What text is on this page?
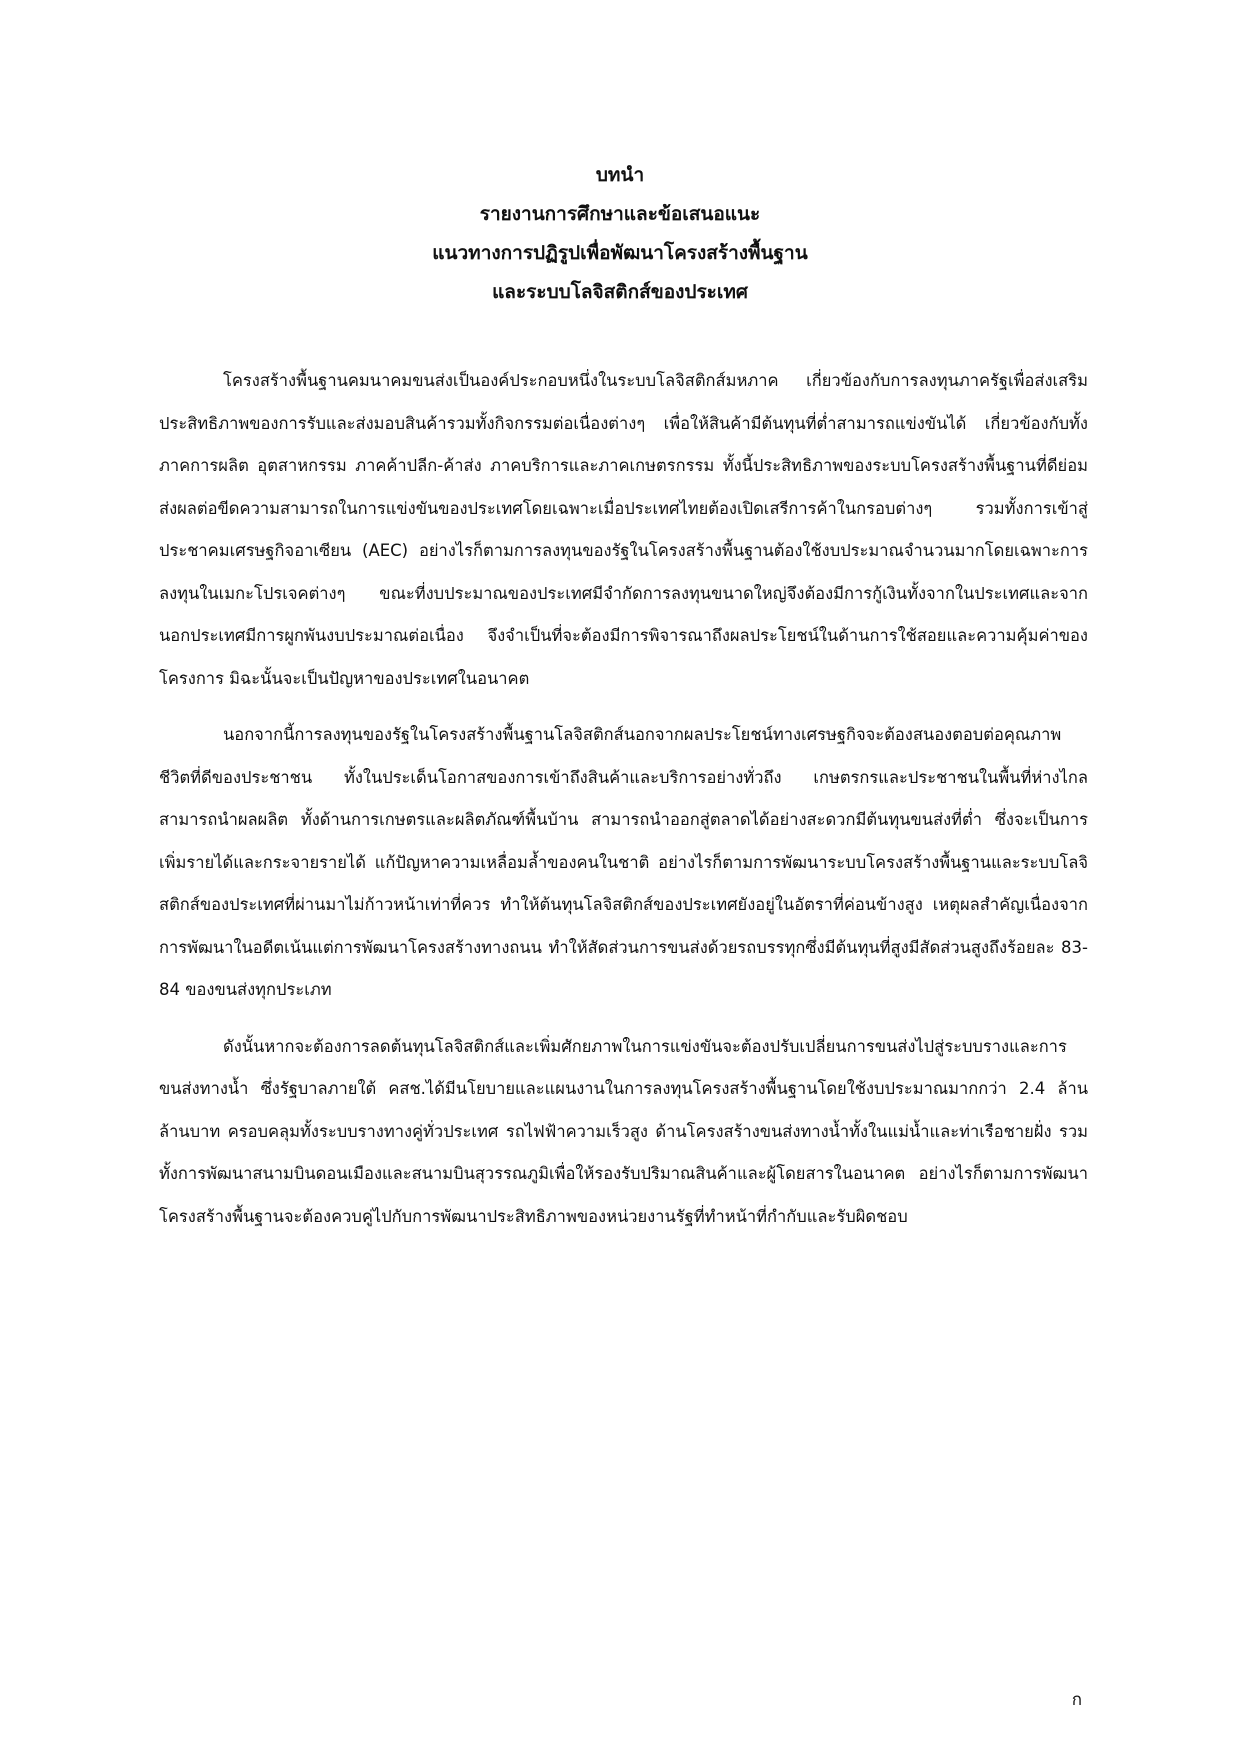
บทนำ
รายงานการศึกษาและข้อเสนอแนะ
แนวทางการปฏิรูปเพื่อพัฒนาโครงสร้างพื้นฐาน
และระบบโลจิสติกส์ของประเทศ

โครงสร้างพื้นฐานคมนาคมขนส่งเป็นองค์ประกอบหนึ่งในระบบโลจิสติกส์มหภาค เกี่ยวข้องกับการลงทุนภาครัฐเพื่อส่งเสริมประสิทธิภาพของการรับและส่งมอบสินค้ารวมทั้งกิจกรรมต่อเนื่องต่างๆ เพื่อให้สินค้ามีต้นทุนที่ต่ำสามารถแข่งขันได้ เกี่ยวข้องกับทั้งภาคการผลิต อุตสาหกรรม ภาคค้าปลีก-ค้าส่ง ภาคบริการและภาคเกษตรกรรม ทั้งนี้ประสิทธิภาพของระบบโครงสร้างพื้นฐานที่ดีย่อมส่งผลต่อขีดความสามารถในการแข่งขันของประเทศโดยเฉพาะเมื่อประเทศไทยต้องเปิดเสรีการค้าในกรอบต่างๆ รวมทั้งการเข้าสู่ประชาคมเศรษฐกิจอาเซียน (AEC) อย่างไรก็ตามการลงทุนของรัฐในโครงสร้างพื้นฐานต้องใช้งบประมาณจำนวนมากโดยเฉพาะการลงทุนในเมกะโปรเจคต่างๆ ขณะที่งบประมาณของประเทศมีจำกัดการลงทุนขนาดใหญ่จึงต้องมีการกู้เงินทั้งจากในประเทศและจากนอกประเทศมีการผูกพันงบประมาณต่อเนื่อง จึงจำเป็นที่จะต้องมีการพิจารณาถึงผลประโยชน์ในด้านการใช้สอยและความคุ้มค่าของโครงการ มิฉะนั้นจะเป็นปัญหาของประเทศในอนาคต

นอกจากนี้การลงทุนของรัฐในโครงสร้างพื้นฐานโลจิสติกส์นอกจากผลประโยชน์ทางเศรษฐกิจจะต้องสนองตอบต่อคุณภาพชีวิตที่ดีของประชาชน ทั้งในประเด็นโอกาสของการเข้าถึงสินค้าและบริการอย่างทั่วถึง เกษตรกรและประชาชนในพื้นที่ห่างไกลสามารถนำผลผลิต ทั้งด้านการเกษตรและผลิตภัณฑ์พื้นบ้าน สามารถนำออกสู่ตลาดได้อย่างสะดวกมีต้นทุนขนส่งที่ต่ำ ซึ่งจะเป็นการเพิ่มรายได้และกระจายรายได้ แก้ปัญหาความเหลื่อมล้ำของคนในชาติ อย่างไรก็ตามการพัฒนาระบบโครงสร้างพื้นฐานและระบบโลจิสติกส์ของประเทศที่ผ่านมาไม่ก้าวหน้าเท่าที่ควร ทำให้ต้นทุนโลจิสติกส์ของประเทศยังอยู่ในอัตราที่ค่อนข้างสูง เหตุผลสำคัญเนื่องจากการพัฒนาในอดีตเน้นแต่การพัฒนาโครงสร้างทางถนน ทำให้สัดส่วนการขนส่งด้วยรถบรรทุกซึ่งมีต้นทุนที่สูงมีสัดส่วนสูงถึงร้อยละ 83-84 ของขนส่งทุกประเภท

ดังนั้นหากจะต้องการลดต้นทุนโลจิสติกส์และเพิ่มศักยภาพในการแข่งขันจะต้องปรับเปลี่ยนการขนส่งไปสู่ระบบรางและการขนส่งทางน้ำ ซึ่งรัฐบาลภายใต้ คสช.ได้มีนโยบายและแผนงานในการลงทุนโครงสร้างพื้นฐานโดยใช้งบประมาณมากกว่า 2.4 ล้านล้านบาท ครอบคลุมทั้งระบบรางทางคู่ทั่วประเทศ รถไฟฟ้าความเร็วสูง ด้านโครงสร้างขนส่งทางน้ำทั้งในแม่น้ำและท่าเรือชายฝั่ง รวมทั้งการพัฒนาสนามบินดอนเมืองและสนามบินสุวรรณภูมิเพื่อให้รองรับปริมาณสินค้าและผู้โดยสารในอนาคต อย่างไรก็ตามการพัฒนาโครงสร้างพื้นฐานจะต้องควบคู่ไปกับการพัฒนาประสิทธิภาพของหน่วยงานรัฐที่ทำหน้าที่กำกับและรับผิดชอบ

ก
